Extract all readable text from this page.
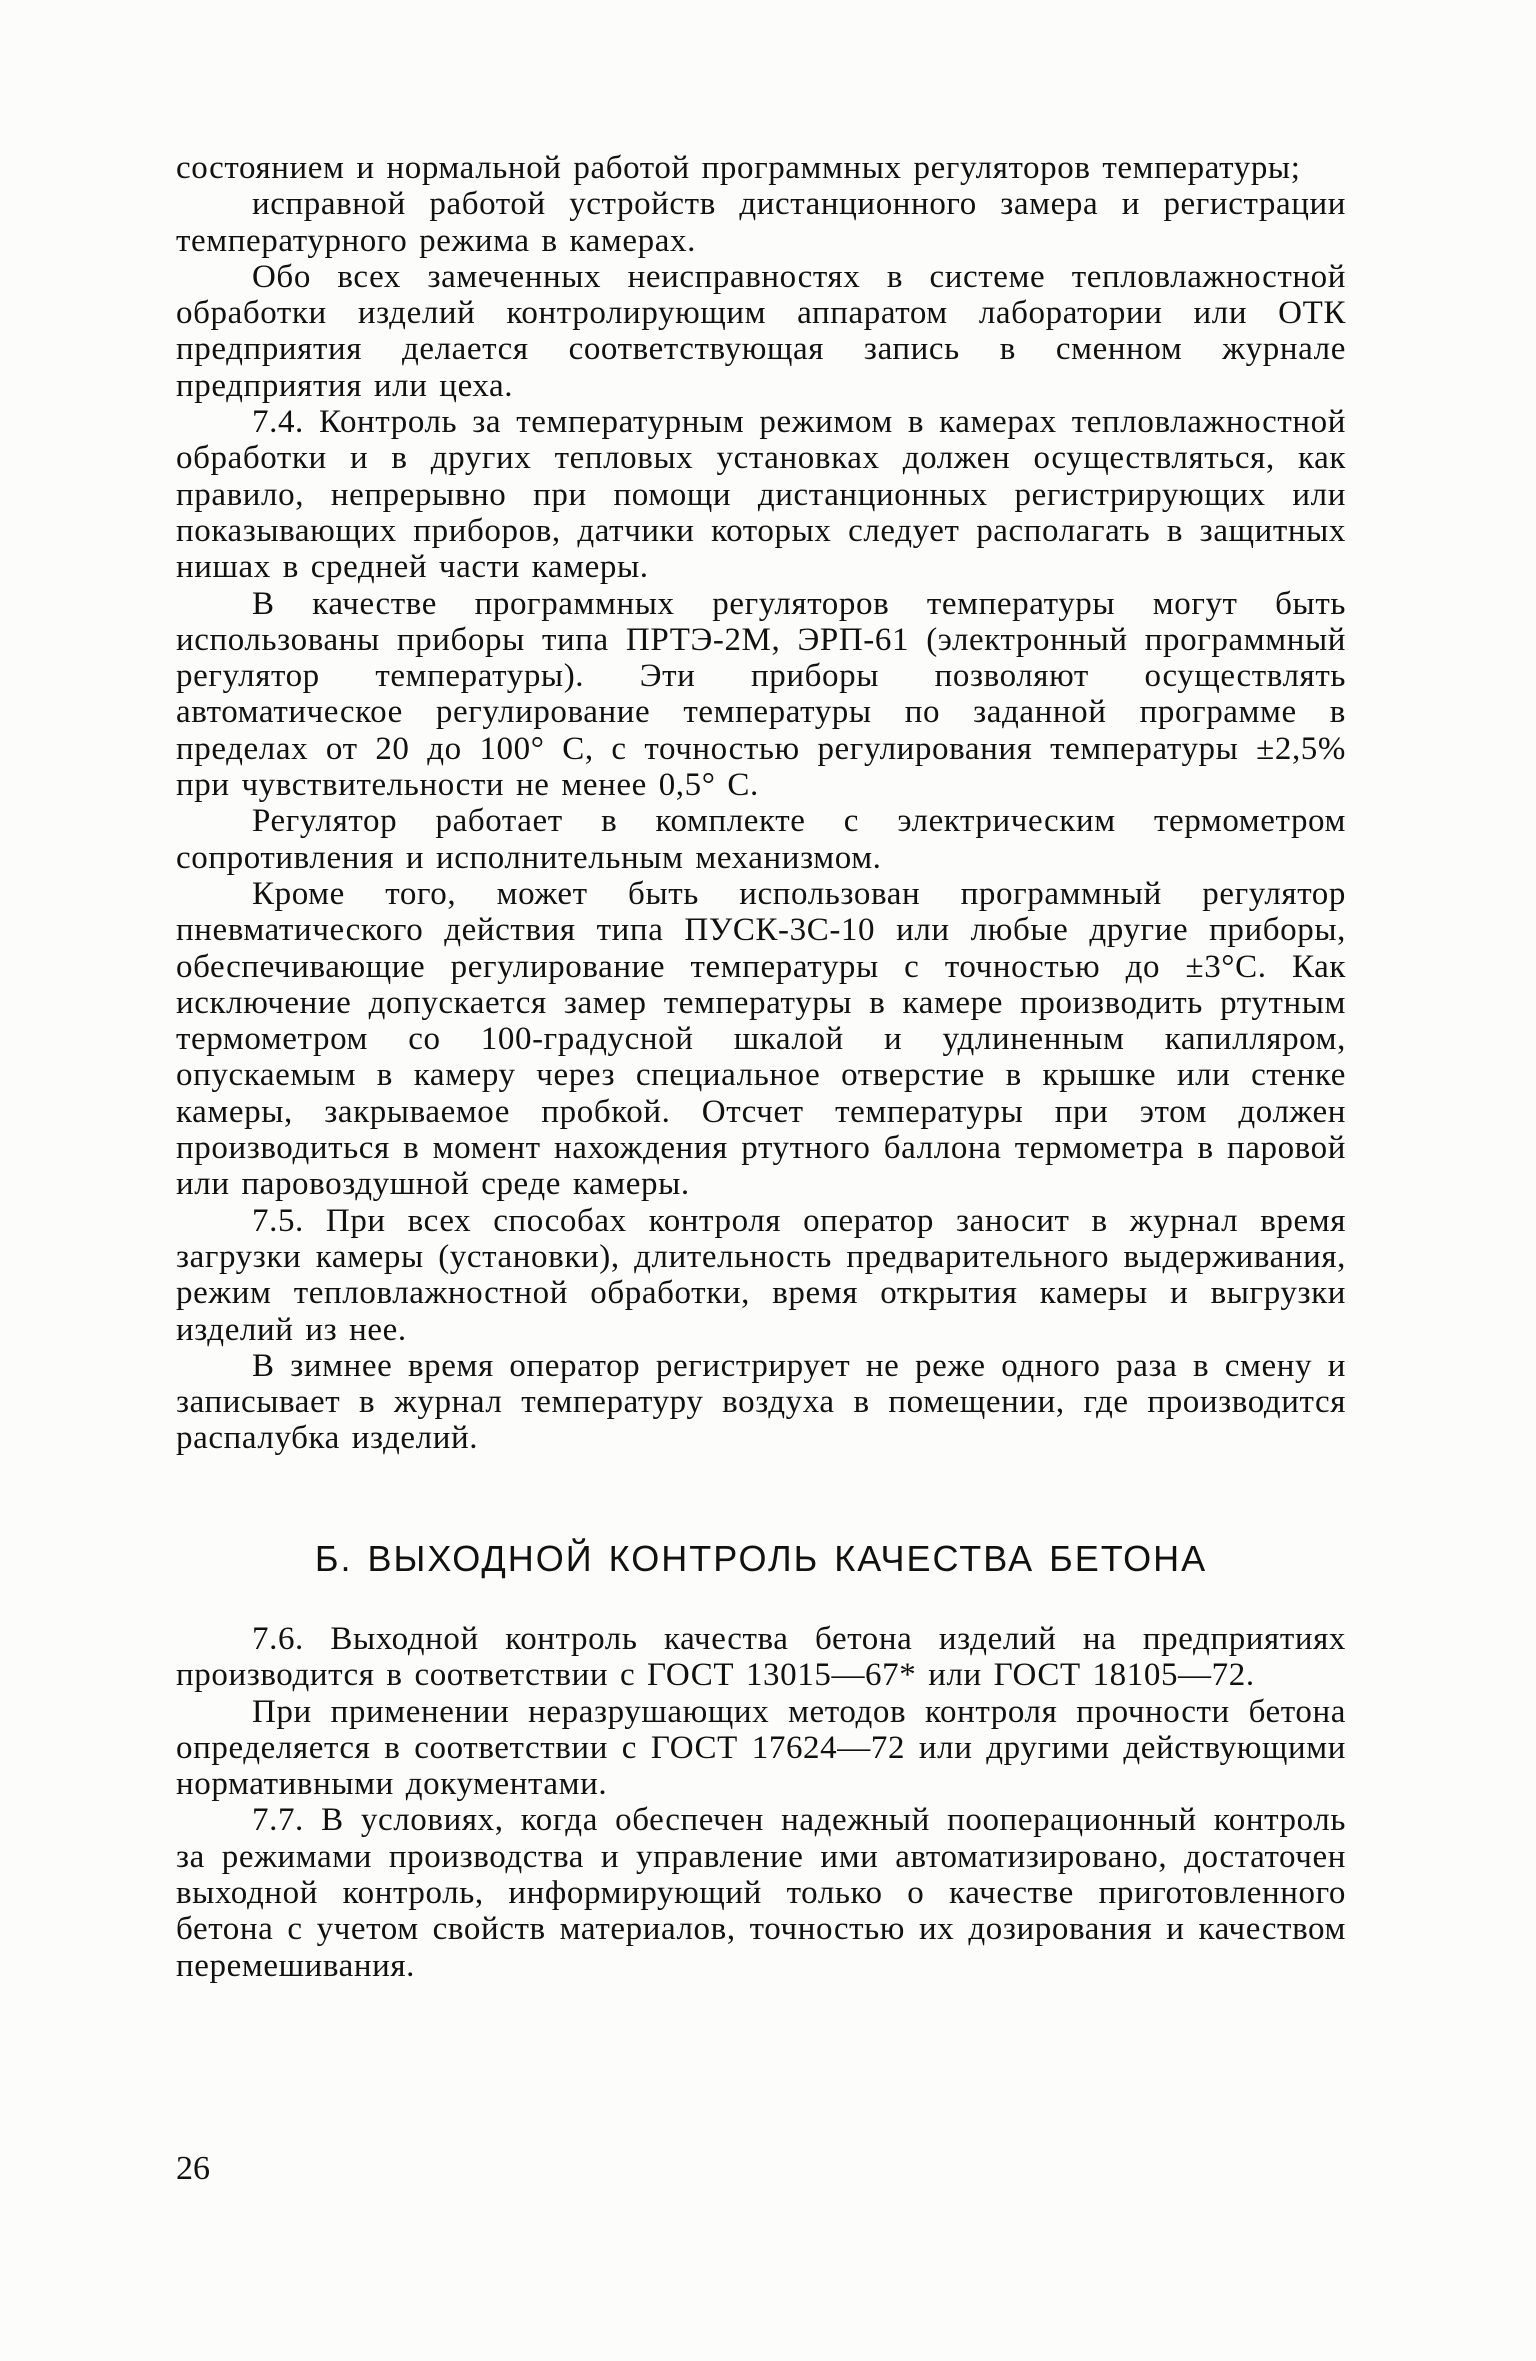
состоянием и нормальной работой программных регуляторов температуры;

исправной работой устройств дистанционного замера и регистрации температурного режима в камерах.

Обо всех замеченных неисправностях в системе тепловлажностной обработки изделий контролирующим аппаратом лаборатории или ОТК предприятия делается соответствующая запись в сменном журнале предприятия или цеха.

7.4. Контроль за температурным режимом в камерах тепловлажностной обработки и в других тепловых установках должен осуществляться, как правило, непрерывно при помощи дистанционных регистрирующих или показывающих приборов, датчики которых следует располагать в защитных нишах в средней части камеры.

В качестве программных регуляторов температуры могут быть использованы приборы типа ПРТЭ-2М, ЭРП-61 (электронный программный регулятор температуры). Эти приборы позволяют осуществлять автоматическое регулирование температуры по заданной программе в пределах от 20 до 100° С, с точностью регулирования температуры ±2,5% при чувствительности не менее 0,5° С.

Регулятор работает в комплекте с электрическим термометром сопротивления и исполнительным механизмом.

Кроме того, может быть использован программный регулятор пневматического действия типа ПУСК-3С-10 или любые другие приборы, обеспечивающие регулирование температуры с точностью до ±3°С. Как исключение допускается замер температуры в камере производить ртутным термометром со 100-градусной шкалой и удлиненным капилляром, опускаемым в камеру через специальное отверстие в крышке или стенке камеры, закрываемое пробкой. Отсчет температуры при этом должен производиться в момент нахождения ртутного баллона термометра в паровой или паровоздушной среде камеры.

7.5. При всех способах контроля оператор заносит в журнал время загрузки камеры (установки), длительность предварительного выдерживания, режим тепловлажностной обработки, время открытия камеры и выгрузки изделий из нее.

В зимнее время оператор регистрирует не реже одного раза в смену и записывает в журнал температуру воздуха в помещении, где производится распалубка изделий.

Б. ВЫХОДНОЙ КОНТРОЛЬ КАЧЕСТВА БЕТОНА

7.6. Выходной контроль качества бетона изделий на предприятиях производится в соответствии с ГОСТ 13015—67* или ГОСТ 18105—72.

При применении неразрушающих методов контроля прочности бетона определяется в соответствии с ГОСТ 17624—72 или другими действующими нормативными документами.

7.7. В условиях, когда обеспечен надежный пооперационный контроль за режимами производства и управление ими автоматизировано, достаточен выходной контроль, информирующий только о качестве приготовленного бетона с учетом свойств материалов, точностью их дозирования и качеством перемешивания.

26
